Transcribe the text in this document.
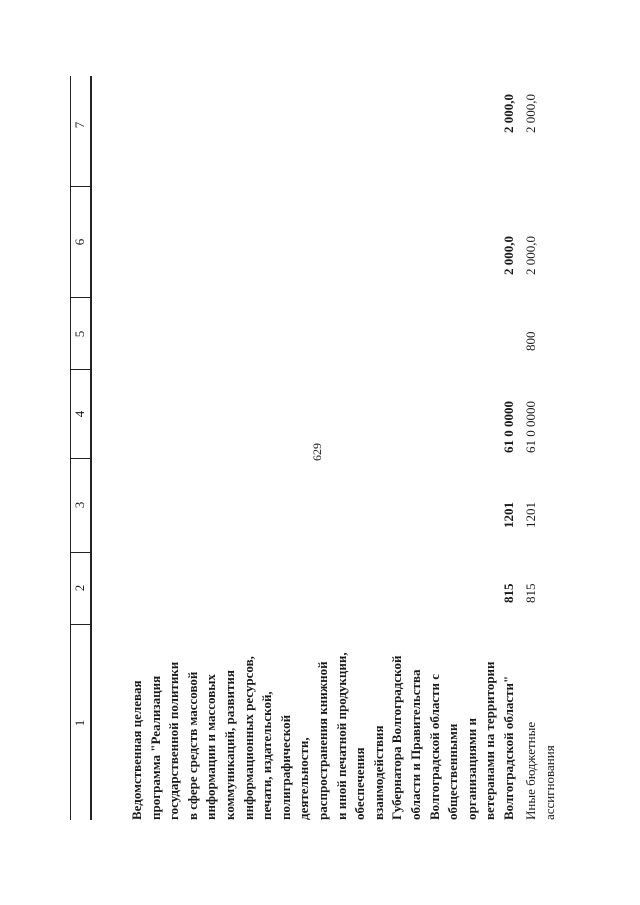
629
1
2
3
4
5
6
7
Ведомственная целевая программа "Реализация государственной политики в сфере средств массовой информации и массовых коммуникаций, развития информационных ресурсов, печати, издательской, полиграфической деятельности, распространения книжной и иной печатной продукции, обеспечения взаимодействия Губернатора Волгоградской области и Правительства Волгоградской области с общественными организациями и ветеранами на территории Волгоградской области"
815
1201
61 0 0000
2 000,0
2 000,0
Иные бюджетные ассигнования
815
1201
61 0 0000
800
2 000,0
2 000,0
